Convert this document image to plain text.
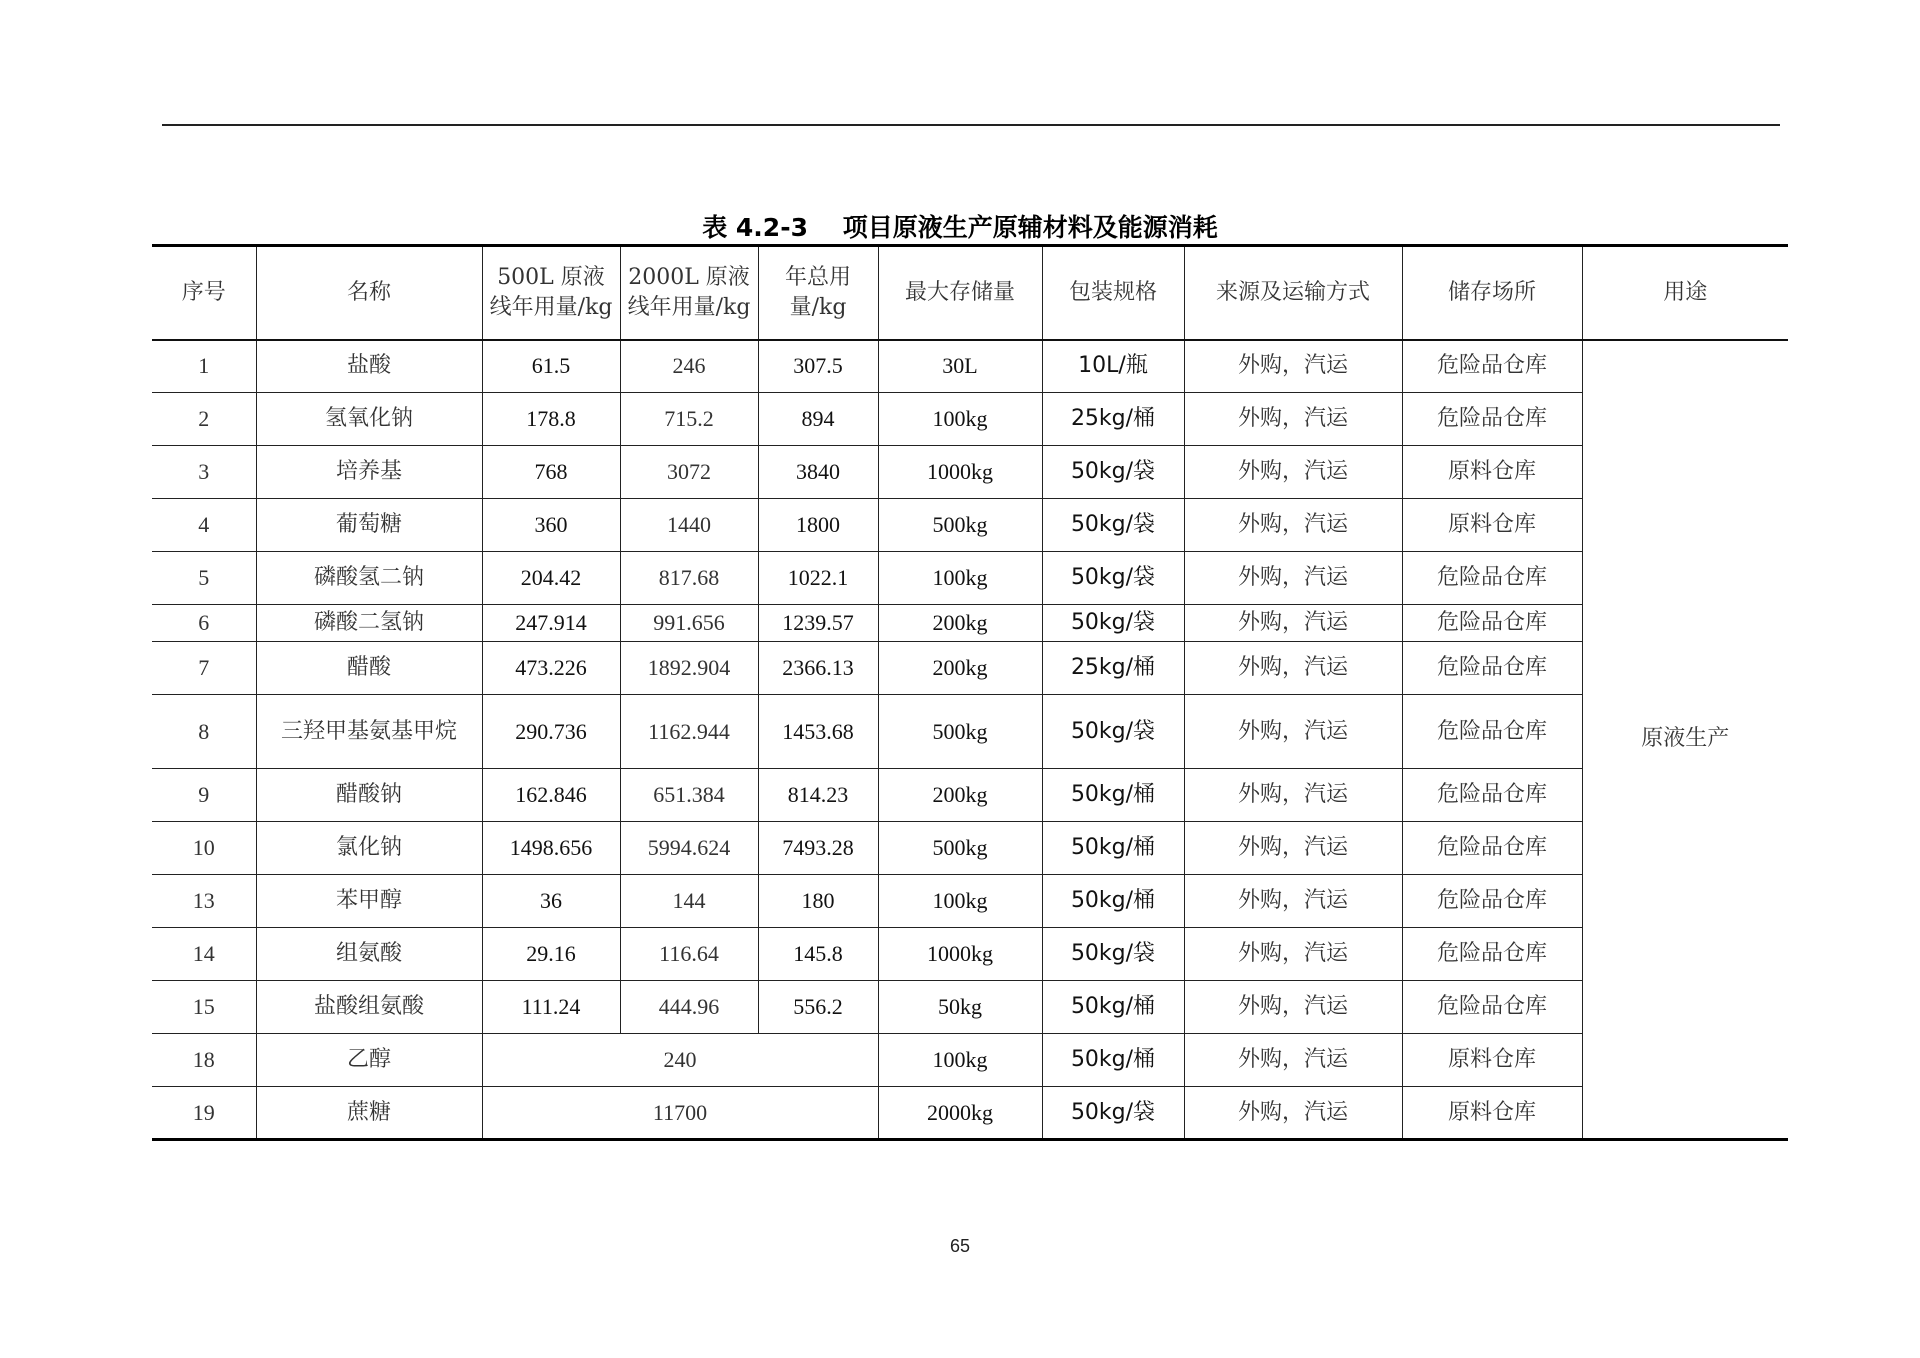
表 4.2-3    项目原液生产原辅材料及能源消耗
序号	名称	500L 原液线年用量/kg	2000L 原液线年用量/kg	年总用量/kg	最大存储量	包装规格	来源及运输方式	储存场所	用途
1	盐酸	61.5	246	307.5	30L	10L/瓶	外购，汽运	危险品仓库	原液生产
2	氢氧化钠	178.8	715.2	894	100kg	25kg/桶	外购，汽运	危险品仓库	
3	培养基	768	3072	3840	1000kg	50kg/袋	外购，汽运	原料仓库	
4	葡萄糖	360	1440	1800	500kg	50kg/袋	外购，汽运	原料仓库	
5	磷酸氢二钠	204.42	817.68	1022.1	100kg	50kg/袋	外购，汽运	危险品仓库	
6	磷酸二氢钠	247.914	991.656	1239.57	200kg	50kg/袋	外购，汽运	危险品仓库	
7	醋酸	473.226	1892.904	2366.13	200kg	25kg/桶	外购，汽运	危险品仓库	
8	三羟甲基氨基甲烷	290.736	1162.944	1453.68	500kg	50kg/袋	外购，汽运	危险品仓库	
9	醋酸钠	162.846	651.384	814.23	200kg	50kg/桶	外购，汽运	危险品仓库	
10	氯化钠	1498.656	5994.624	7493.28	500kg	50kg/桶	外购，汽运	危险品仓库	
13	苯甲醇	36	144	180	100kg	50kg/桶	外购，汽运	危险品仓库	
14	组氨酸	29.16	116.64	145.8	1000kg	50kg/袋	外购，汽运	危险品仓库	
15	盐酸组氨酸	111.24	444.96	556.2	50kg	50kg/桶	外购，汽运	危险品仓库	
18	乙醇	240			100kg	50kg/桶	外购，汽运	原料仓库	
19	蔗糖	11700			2000kg	50kg/袋	外购，汽运	原料仓库	
65
